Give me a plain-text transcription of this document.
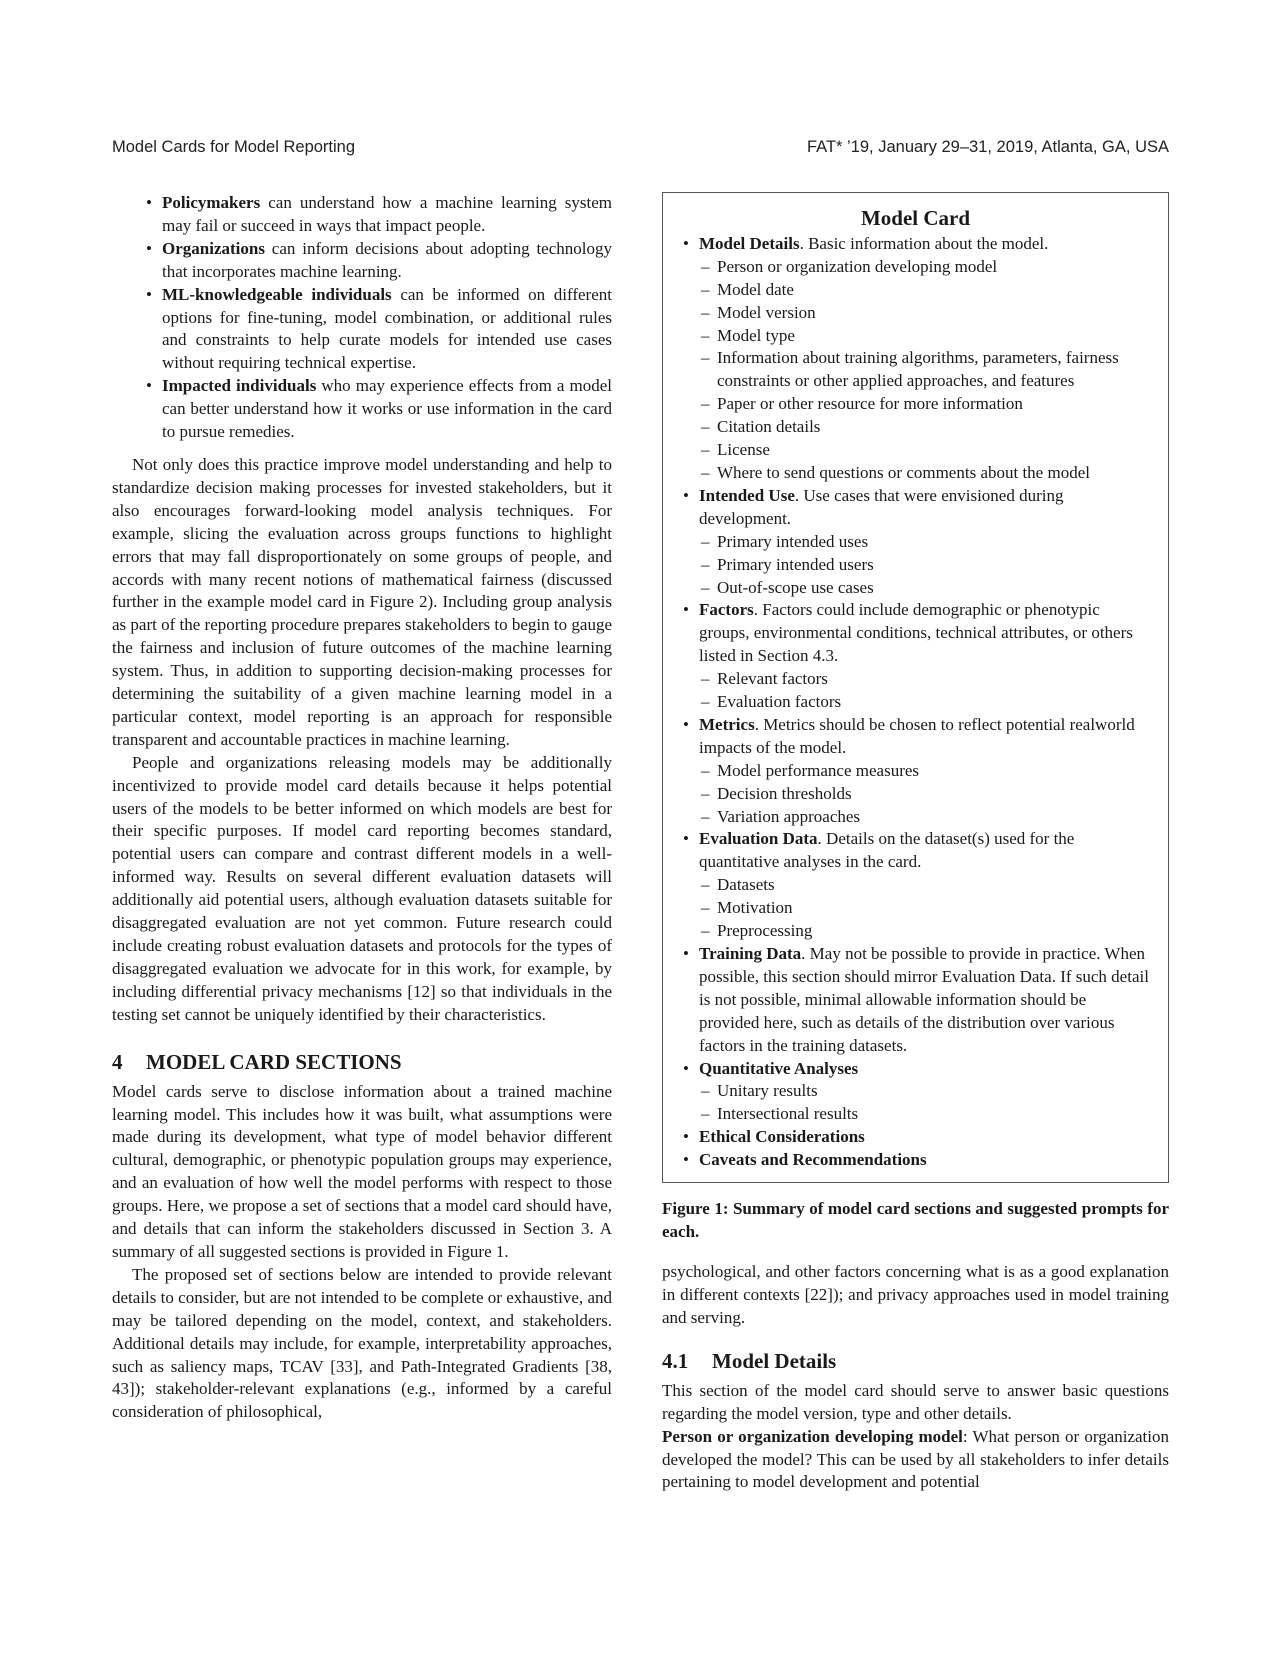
Model Cards for Model Reporting	FAT* ’19, January 29–31, 2019, Atlanta, GA, USA
• Policymakers can understand how a machine learning system may fail or succeed in ways that impact people.
• Organizations can inform decisions about adopting technology that incorporates machine learning.
• ML-knowledgeable individuals can be informed on different options for fine-tuning, model combination, or additional rules and constraints to help curate models for intended use cases without requiring technical expertise.
• Impacted individuals who may experience effects from a model can better understand how it works or use information in the card to pursue remedies.

Not only does this practice improve model understanding and help to standardize decision making processes for invested stakeholders, but it also encourages forward-looking model analysis techniques. For example, slicing the evaluation across groups functions to highlight errors that may fall disproportionately on some groups of people, and accords with many recent notions of mathematical fairness (discussed further in the example model card in Figure 2). Including group analysis as part of the reporting procedure prepares stakeholders to begin to gauge the fairness and inclusion of future outcomes of the machine learning system. Thus, in addition to supporting decision-making processes for determining the suitability of a given machine learning model in a particular context, model reporting is an approach for responsible transparent and accountable practices in machine learning.

People and organizations releasing models may be additionally incentivized to provide model card details because it helps potential users of the models to be better informed on which models are best for their specific purposes. If model card reporting becomes standard, potential users can compare and contrast different models in a well-informed way. Results on several different evaluation datasets will additionally aid potential users, although evaluation datasets suitable for disaggregated evaluation are not yet common. Future research could include creating robust evaluation datasets and protocols for the types of disaggregated evaluation we advocate for in this work, for example, by including differential privacy mechanisms [12] so that individuals in the testing set cannot be uniquely identified by their characteristics.

4 MODEL CARD SECTIONS

Model cards serve to disclose information about a trained machine learning model. This includes how it was built, what assumptions were made during its development, what type of model behavior different cultural, demographic, or phenotypic population groups may experience, and an evaluation of how well the model performs with respect to those groups. Here, we propose a set of sections that a model card should have, and details that can inform the stakeholders discussed in Section 3. A summary of all suggested sections is provided in Figure 1.

The proposed set of sections below are intended to provide relevant details to consider, but are not intended to be complete or exhaustive, and may be tailored depending on the model, context, and stakeholders. Additional details may include, for example, interpretability approaches, such as saliency maps, TCAV [33], and Path-Integrated Gradients [38, 43]); stakeholder-relevant explanations (e.g., informed by a careful consideration of philosophical,

Model Card
• Model Details. Basic information about the model.
– Person or organization developing model
– Model date
– Model version
– Model type
– Information about training algorithms, parameters, fairness constraints or other applied approaches, and features
– Paper or other resource for more information
– Citation details
– License
– Where to send questions or comments about the model
• Intended Use. Use cases that were envisioned during development.
– Primary intended uses
– Primary intended users
– Out-of-scope use cases
• Factors. Factors could include demographic or phenotypic groups, environmental conditions, technical attributes, or others listed in Section 4.3.
– Relevant factors
– Evaluation factors
• Metrics. Metrics should be chosen to reflect potential realworld impacts of the model.
– Model performance measures
– Decision thresholds
– Variation approaches
• Evaluation Data. Details on the dataset(s) used for the quantitative analyses in the card.
– Datasets
– Motivation
– Preprocessing
• Training Data. May not be possible to provide in practice. When possible, this section should mirror Evaluation Data. If such detail is not possible, minimal allowable information should be provided here, such as details of the distribution over various factors in the training datasets.
• Quantitative Analyses
– Unitary results
– Intersectional results
• Ethical Considerations
• Caveats and Recommendations
Figure 1: Summary of model card sections and suggested prompts for each.

psychological, and other factors concerning what is as a good explanation in different contexts [22]); and privacy approaches used in model training and serving.

4.1 Model Details

This section of the model card should serve to answer basic questions regarding the model version, type and other details.

Person or organization developing model: What person or organization developed the model? This can be used by all stakeholders to infer details pertaining to model development and potential
